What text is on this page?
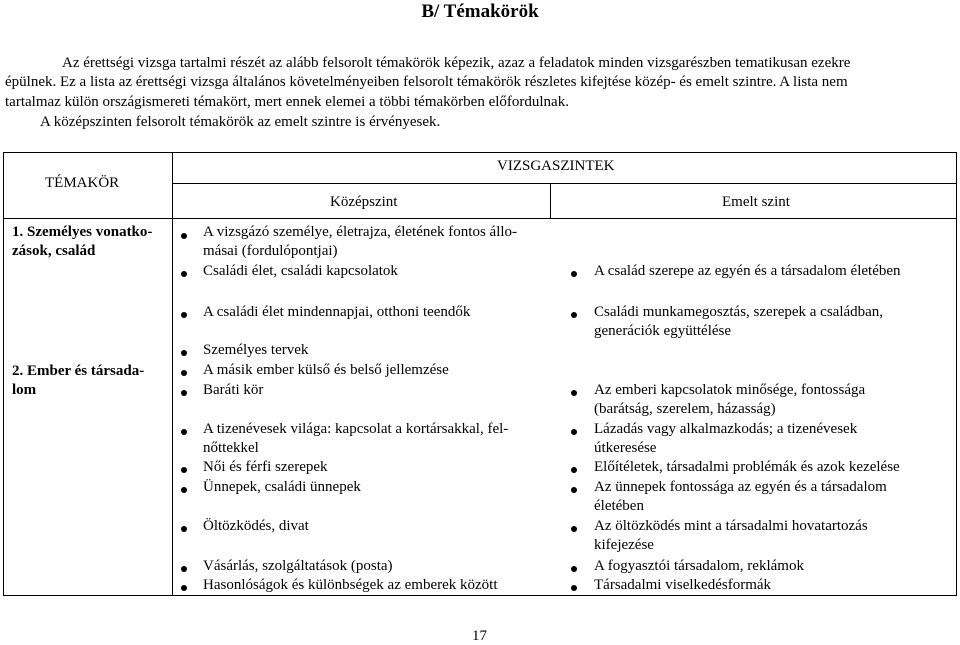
B/ Témakörök
Az érettségi vizsga tartalmi részét az alább felsorolt témakörök képezik, azaz a feladatok minden vizsgarészben tematikusan ezekre
épülnek. Ez a lista az érettségi vizsga általános követelményeiben felsorolt témakörök részletes kifejtése közép- és emelt szintre. A lista nem
tartalmaz külön országismereti témakört, mert ennek elemei a többi témakörben előfordulnak.
A középszinten felsorolt témakörök az emelt szintre is érvényesek.
TÉMAKÖR
VIZSGASZINTEK
Középszint	Emelt szint
1. Személyes vonatko-
zások, család
2. Ember és társada-
lom
A vizsgázó személye, életrajza, életének fontos állo-
másai (fordulópontjai)
Családi élet, családi kapcsolatok
A családi élet mindennapjai, otthoni teendők
Személyes tervek
A másik ember külső és belső jellemzése
Baráti kör
A tizenévesek világa: kapcsolat a kortársakkal, fel-
nőttekkel
Női és férfi szerepek
Ünnepek, családi ünnepek
Öltözködés, divat
Vásárlás, szolgáltatások (posta)
Hasonlóságok és különbségek az emberek között
A család szerepe az egyén és a társadalom életében
Családi munkamegosztás, szerepek a családban,
generációk együttélése
Az emberi kapcsolatok minősége, fontossága
(barátság, szerelem, házasság)
Lázadás vagy alkalmazkodás; a tizenévesek
útkeresése
Előítéletek, társadalmi problémák és azok kezelése
Az ünnepek fontossága az egyén és a társadalom
életében
Az öltözködés mint a társadalmi hovatartozás
kifejezése
A fogyasztói társadalom, reklámok
Társadalmi viselkedésformák
17
